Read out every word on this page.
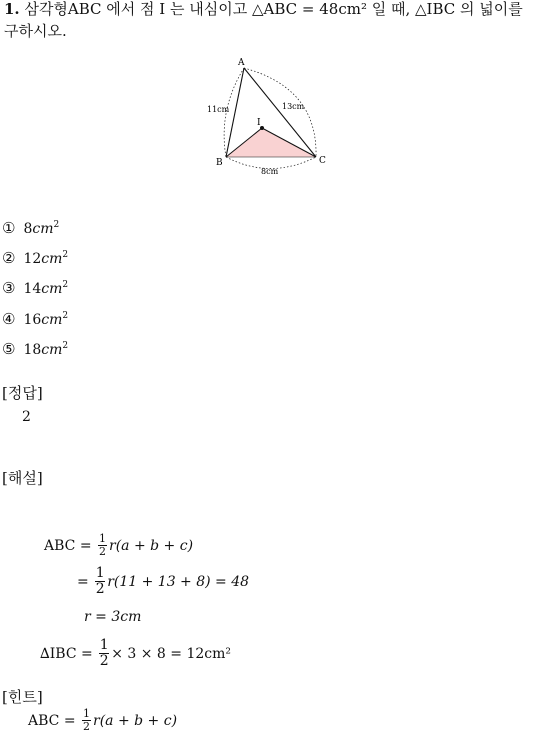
1. 삼각형ABC 에서 점 I 는 내심이고 △ABC = 48cm² 일 때, △IBC 의 넓이를
구하시오.
A
B	C
I
11cm	13cm
8cm
① $8cm^2$
② $12cm^2$
③ $14cm^2$
④ $16cm^2$
⑤ $18cm^2$
[정답]
2
[해설]
ABC =
$\frac{1}{2} r(a + b + c)$
=
$\frac{1}{2} r(11 + 13 + 8) = 48$
r = 3cm
∆IBC =
$\frac{1}{2} \times 3 \times 8 = 12cm^2$
[힌트]
ABC =
$\frac{1}{2} r(a + b + c)$
